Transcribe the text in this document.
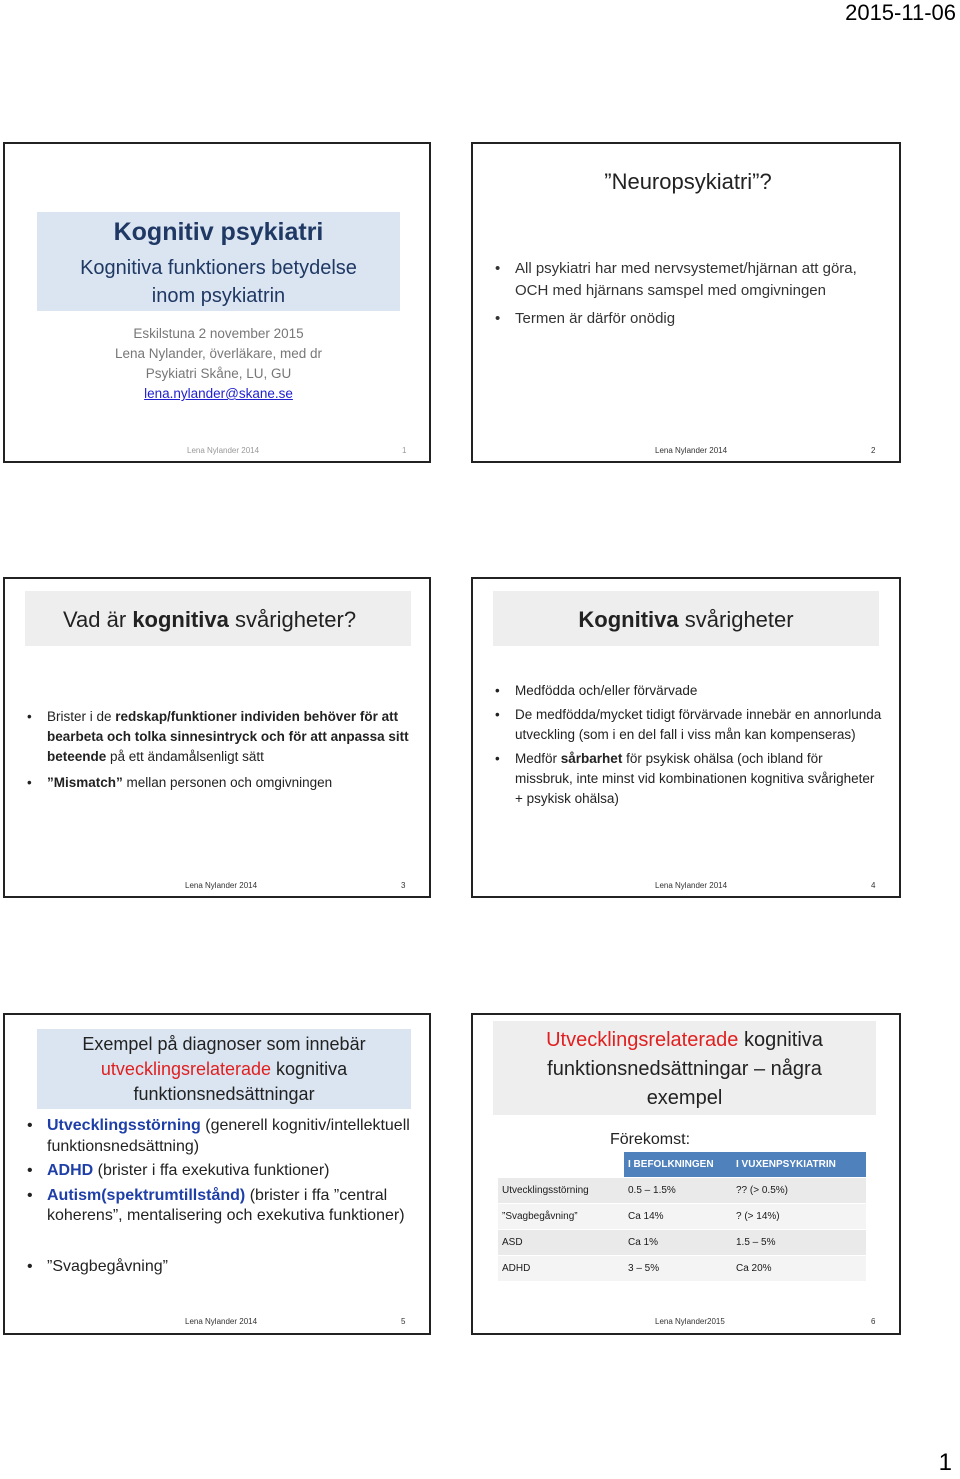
2015-11-06
1
Kognitiv psykiatri
Kognitiva funktioners betydelse
inom psykiatrin
Eskilstuna 2 november 2015
Lena Nylander, överläkare, med dr
Psykiatri Skåne, LU, GU
lena.nylander@skane.se
Lena Nylander 2014	1
”Neuropsykiatri”?
• All psykiatri har med nervsystemet/hjärnan att göra, OCH med hjärnans samspel med omgivningen
• Termen är därför onödig
Lena Nylander 2014	2
Vad är kognitiva svårigheter?
• Brister i de redskap/funktioner individen behöver för att bearbeta och tolka sinnesintryck och för att anpassa sitt beteende på ett ändamålsenligt sätt
• ”Mismatch” mellan personen och omgivningen
Lena Nylander 2014	3
Kognitiva svårigheter
• Medfödda och/eller förvärvade
• De medfödda/mycket tidigt förvärvade innebär en annorlunda utveckling (som i en del fall i viss mån kan kompenseras)
• Medför sårbarhet för psykisk ohälsa (och ibland för missbruk, inte minst vid kombinationen kognitiva svårigheter + psykisk ohälsa)
Lena Nylander 2014	4
Exempel på diagnoser som innebär
utvecklingsrelaterade kognitiva
funktionsnedsättningar
• Utvecklingsstörning (generell kognitiv/intellektuell funktionsnedsättning)
• ADHD (brister i ffa exekutiva funktioner)
• Autism(spektrumtillstånd) (brister i ffa ”central koherens”, mentalisering och exekutiva funktioner)
• ”Svagbegåvning”
Lena Nylander 2014	5
Utvecklingsrelaterade kognitiva
funktionsnedsättningar – några
exempel
Förekomst:
	I BEFOLKNINGEN	I VUXENPSYKIATRIN
Utvecklingsstörning	0.5 – 1.5%	?? (> 0.5%)
”Svagbegåvning”	Ca 14%	? (> 14%)
ASD	Ca 1%	1.5 – 5%
ADHD	3 – 5%	Ca 20%
Lena Nylander2015	6
